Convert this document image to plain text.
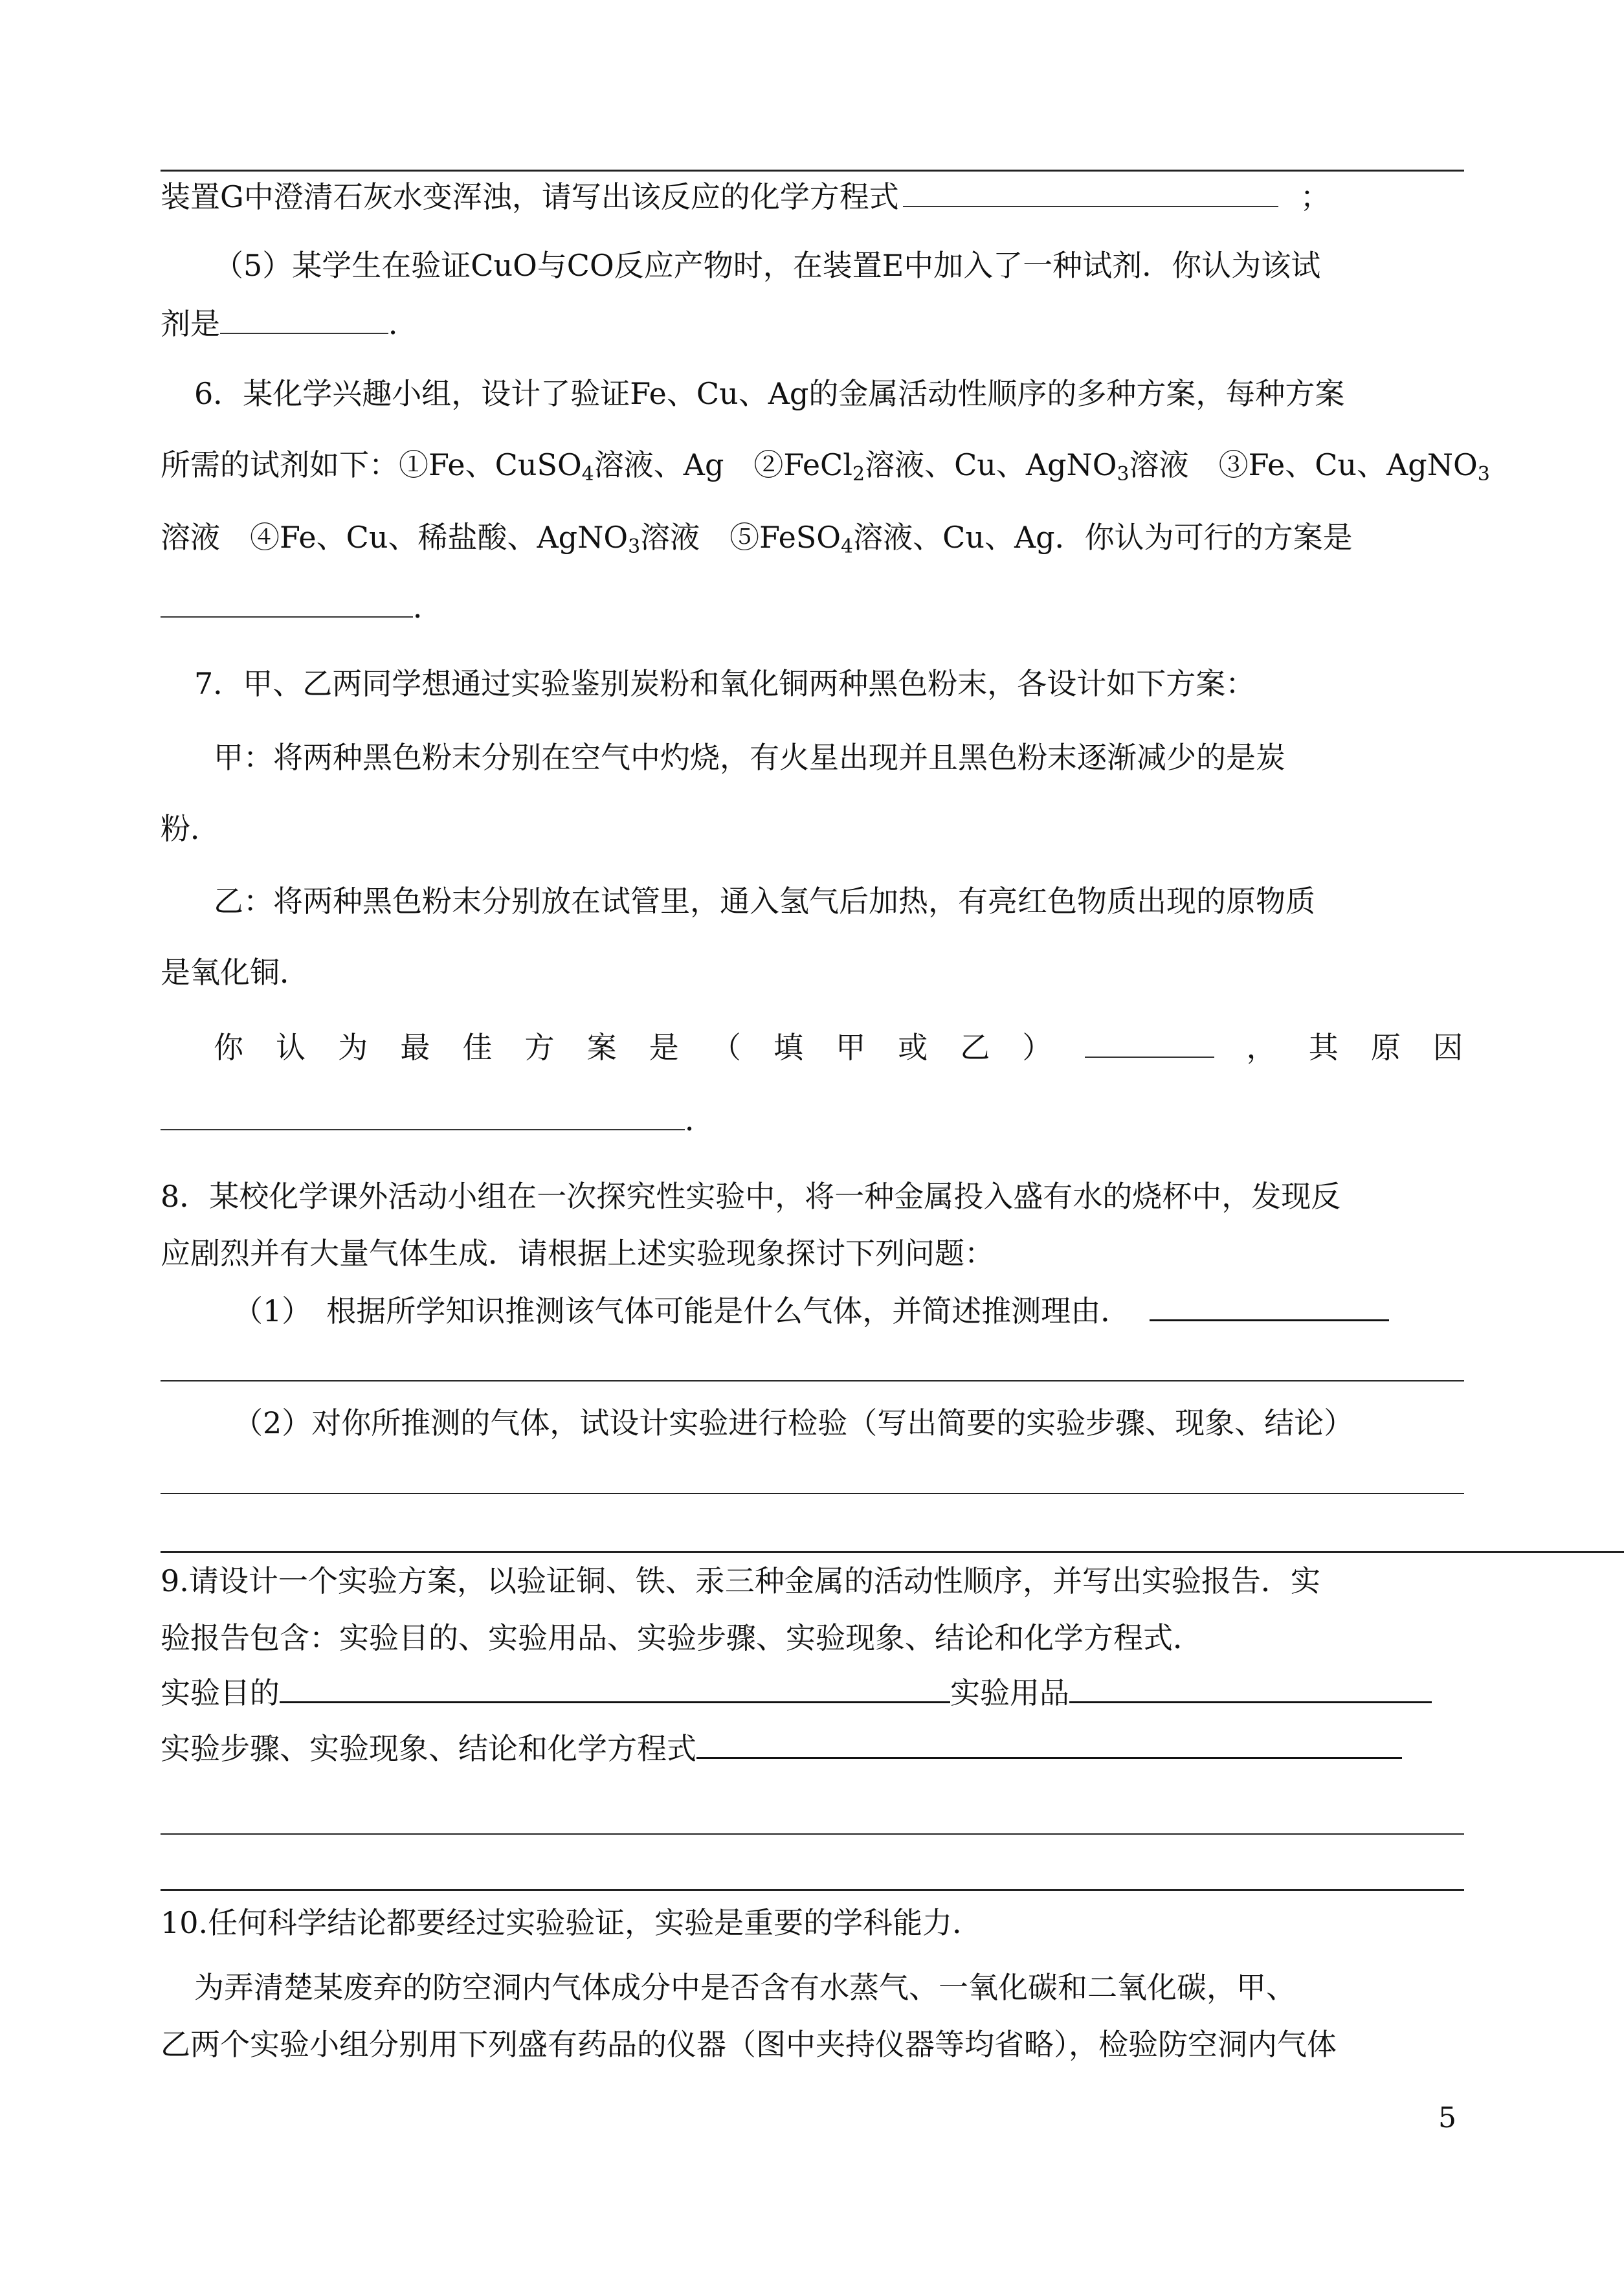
装置G中澄清石灰水变浑浊，请写出该反应的化学方程式	；
（5）某学生在验证CuO与CO反应产物时，在装置E中加入了一种试剂．你认为该试
剂是	．
6．某化学兴趣小组，设计了验证Fe、Cu、Ag的金属活动性顺序的多种方案，每种方案
所需的试剂如下：①Fe、CuSO$_4$溶液、Ag　②FeCl$_2$溶液、Cu、AgNO$_3$溶液　③Fe、Cu、AgNO$_3$
溶液　④Fe、Cu、稀盐酸、AgNO$_3$溶液　⑤FeSO$_4$溶液、Cu、Ag．你认为可行的方案是
．
7．甲、乙两同学想通过实验鉴别炭粉和氧化铜两种黑色粉末，各设计如下方案：
甲：将两种黑色粉末分别在空气中灼烧，有火星出现并且黑色粉末逐渐减少的是炭
粉．
乙：将两种黑色粉末分别放在试管里，通入氢气后加热，有亮红色物质出现的原物质
是氧化铜．
你 认 为 最 佳 方 案 是 （ 填 甲 或 乙 ）	， 其 原 因
．
8．某校化学课外活动小组在一次探究性实验中，将一种金属投入盛有水的烧杯中，发现反
应剧烈并有大量气体生成．请根据上述实验现象探讨下列问题：
（1）　根据所学知识推测该气体可能是什么气体，并简述推测理由．
（2）对你所推测的气体，试设计实验进行检验（写出简要的实验步骤、现象、结论）
9.请设计一个实验方案，以验证铜、铁、汞三种金属的活动性顺序，并写出实验报告．实
验报告包含：实验目的、实验用品、实验步骤、实验现象、结论和化学方程式．
实验目的	实验用品
实验步骤、实验现象、结论和化学方程式
10.任何科学结论都要经过实验验证，实验是重要的学科能力．
为弄清楚某废弃的防空洞内气体成分中是否含有水蒸气、一氧化碳和二氧化碳，甲、
乙两个实验小组分别用下列盛有药品的仪器（图中夹持仪器等均省略），检验防空洞内气体
5
